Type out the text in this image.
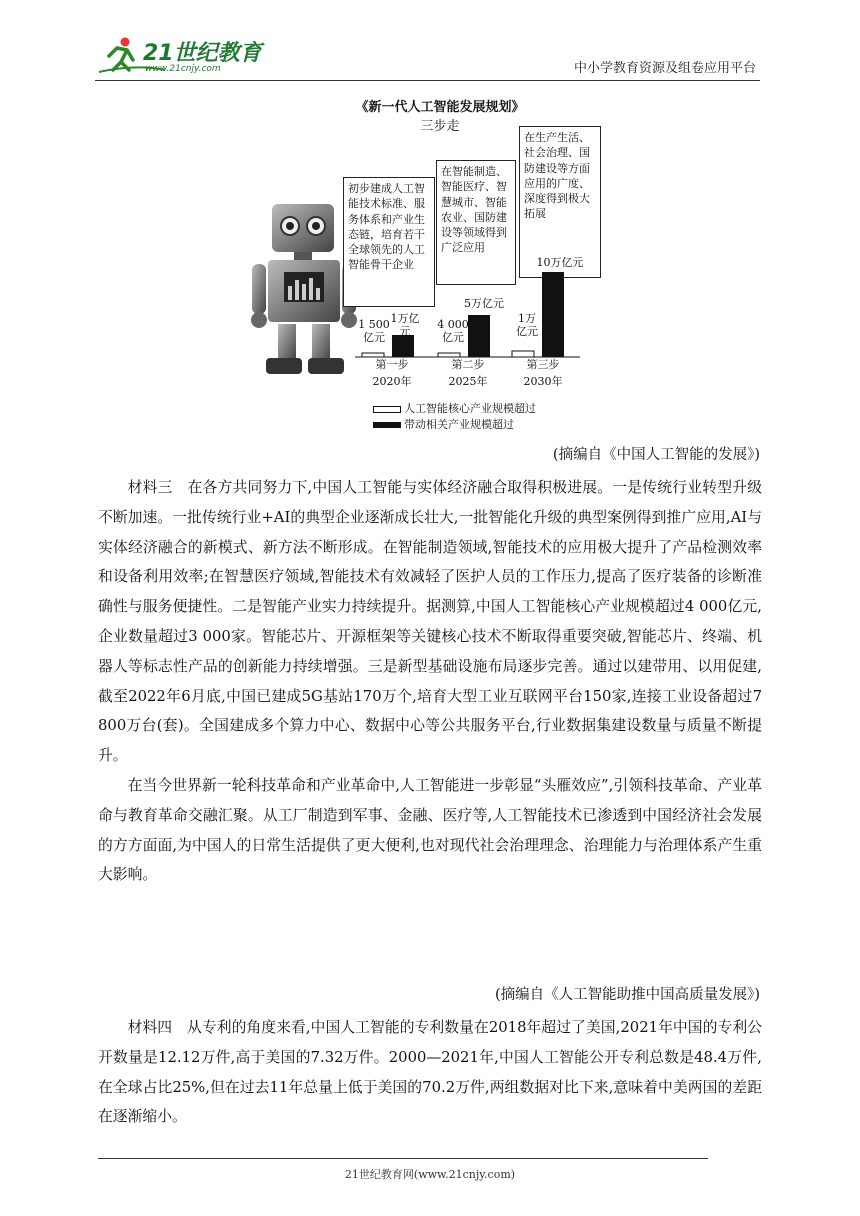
21世纪教育
www.21cnjy.com	中小学教育资源及组卷应用平台
《新一代人工智能发展规划》
三步走
初步建成人工智能技术标准、服务体系和产业生态链，培育若干全球领先的人工智能骨干企业
在智能制造、智能医疗、智慧城市、智能农业、国防建设等领域得到广泛应用
在生产生活、社会治理、国防建设等方面应用的广度、深度得到极大拓展
1 500亿元
1万亿元
4 000亿元
5万亿元
1万亿元
10万亿元
第一步
2020年
第二步
2025年
第三步
2030年
人工智能核心产业规模超过
带动相关产业规模超过
(摘编自《中国人工智能的发展》)

材料三　在各方共同努力下,中国人工智能与实体经济融合取得积极进展。一是传统行业转型升级不断加速。一批传统行业+AI的典型企业逐渐成长壮大,一批智能化升级的典型案例得到推广应用,AI与实体经济融合的新模式、新方法不断形成。在智能制造领域,智能技术的应用极大提升了产品检测效率和设备利用效率;在智慧医疗领域,智能技术有效减轻了医护人员的工作压力,提高了医疗装备的诊断准确性与服务便捷性。二是智能产业实力持续提升。据测算,中国人工智能核心产业规模超过4 000亿元,企业数量超过3 000家。智能芯片、开源框架等关键核心技术不断取得重要突破,智能芯片、终端、机器人等标志性产品的创新能力持续增强。三是新型基础设施布局逐步完善。通过以建带用、以用促建,截至2022年6月底,中国已建成5G基站170万个,培育大型工业互联网平台150家,连接工业设备超过7 800万台(套)。全国建成多个算力中心、数据中心等公共服务平台,行业数据集建设数量与质量不断提升。

在当今世界新一轮科技革命和产业革命中,人工智能进一步彰显“头雁效应”,引领科技革命、产业革命与教育革命交融汇聚。从工厂制造到军事、金融、医疗等,人工智能技术已渗透到中国经济社会发展的方方面面,为中国人的日常生活提供了更大便利,也对现代社会治理理念、治理能力与治理体系产生重大影响。

(摘编自《人工智能助推中国高质量发展》)

材料四　从专利的角度来看,中国人工智能的专利数量在2018年超过了美国,2021年中国的专利公开数量是12.12万件,高于美国的7.32万件。2000—2021年,中国人工智能公开专利总数是48.4万件,在全球占比25%,但在过去11年总量上低于美国的70.2万件,两组数据对比下来,意味着中美两国的差距在逐渐缩小。

21世纪教育网(www.21cnjy.com)
